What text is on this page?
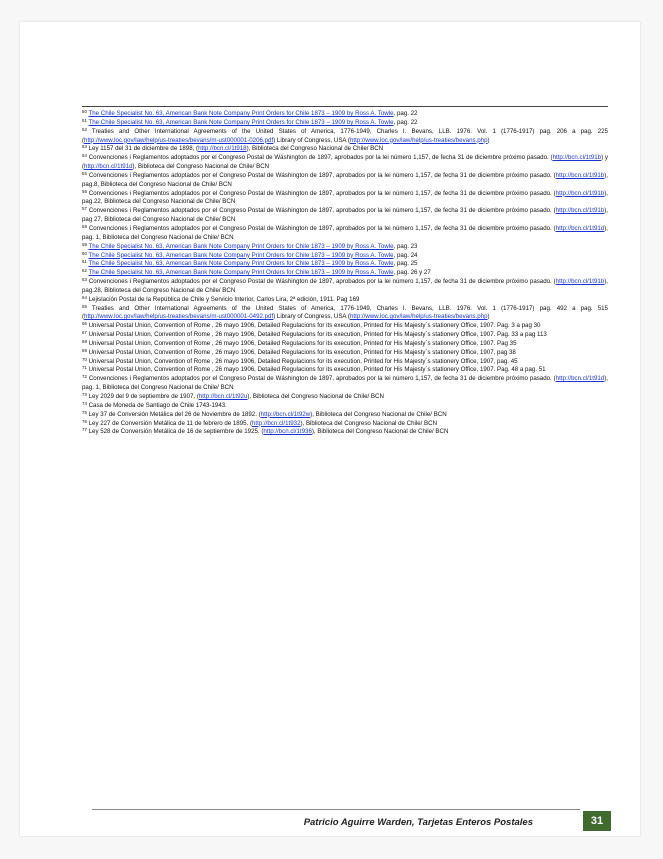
$^{50}$ The Chile Specialist No. 63, American Bank Note Company Print Orders for Chile 1873 – 1909 by Ross A. Towle, pag. 22
$^{51}$ The Chile Specialist No. 63, American Bank Note Company Print Orders for Chile 1873 – 1909 by Ross A. Towle, pag. 22
$^{52}$ Treaties and Other International Agreements of the United States of America, 1776-1949, Charles I. Bevans, LLB. 1976. Vol. 1 (1776-1917) pag. 206 a pag. 225 (http://www.loc.gov/law/help/us-treaties/bevans/m-ust000001-0206.pdf) Library of Congress, USA (http://www.loc.gov/law/help/us-treaties/bevans.php)
$^{53}$ Ley 1157 del 31 de diciembre de 1898, (http://bcn.cl/1t918), Biblioteca del Congreso Nacional de Chile/ BCN
$^{54}$ Convenciones i Reglamentos adoptados por el Congreso Postal de Wáshington de 1897, aprobados por la lei número 1,157, de fecha 31 de diciembre próximo pasado. (http://bcn.cl/1t91b) y (http://bcn.cl/1t91d), Biblioteca del Congreso Nacional de Chile/ BCN
$^{55}$ Convenciones i Reglamentos adoptados por el Congreso Postal de Wáshington de 1897, aprobados por la lei número 1,157, de fecha 31 de diciembre próximo pasado. (http://bcn.cl/1t91b), pag.8, Biblioteca del Congreso Nacional de Chile/ BCN
$^{56}$ Convenciones i Reglamentos adoptados por el Congreso Postal de Wáshington de 1897, aprobados por la lei número 1,157, de fecha 31 de diciembre próximo pasado. (http://bcn.cl/1t91b), pag.22, Biblioteca del Congreso Nacional de Chile/ BCN
$^{57}$ Convenciones i Reglamentos adoptados por el Congreso Postal de Wáshington de 1897, aprobados por la lei número 1,157, de fecha 31 de diciembre próximo pasado. (http://bcn.cl/1t91b), pag 27, Biblioteca del Congreso Nacional de Chile/ BCN
$^{58}$ Convenciones i Reglamentos adoptados por el Congreso Postal de Wáshington de 1897, aprobados por la lei número 1,157, de fecha 31 de diciembre próximo pasado. (http://bcn.cl/1t91d), pag. 1, Biblioteca del Congreso Nacional de Chile/ BCN
$^{59}$ The Chile Specialist No. 63, American Bank Note Company Print Orders for Chile 1873 – 1909 by Ross A. Towle, pag. 23
$^{60}$ The Chile Specialist No. 63, American Bank Note Company Print Orders for Chile 1873 – 1909 by Ross A. Towle, pag. 24
$^{61}$ The Chile Specialist No. 63, American Bank Note Company Print Orders for Chile 1873 – 1909 by Ross A. Towle, pag. 25
$^{62}$ The Chile Specialist No. 63, American Bank Note Company Print Orders for Chile 1873 – 1909 by Ross A. Towle, pag. 26 y 27
$^{63}$ Convenciones i Reglamentos adoptados por el Congreso Postal de Wáshington de 1897, aprobados por la lei número 1,157, de fecha 31 de diciembre próximo pasado. (http://bcn.cl/1t91b), pag.28, Biblioteca del Congreso Nacional de Chile/ BCN
$^{64}$ Lejislación Postal de la República de Chile y Servicio Interior, Carlos Lira, 2ª edición, 1911. Pag 169
$^{65}$ Treaties and Other International Agreements of the United States of America, 1776-1949, Charles I. Bevans, LLB. 1976. Vol. 1 (1776-1917) pag. 492 a pag. 515 (http://www.loc.gov/law/help/us-treaties/bevans/m-ust000001-0492.pdf) Library of Congress, USA (http://www.loc.gov/law/help/us-treaties/bevans.php)
$^{66}$ Universal Postal Union, Convention of Rome , 26 mayo 1906, Detailed Regulacions for its execution, Printed for His Majesty´s stationery Office, 1907. Pag. 3 a pag 30
$^{67}$ Universal Postal Union, Convention of Rome , 26 mayo 1906, Detailed Regulacions for its execution, Printed for His Majesty´s stationery Office, 1907. Pag. 33 a pag 113
$^{68}$ Universal Postal Union, Convention of Rome , 26 mayo 1906, Detailed Regulacions for its execution, Printed for His Majesty´s stationery Office, 1907. Pag 35
$^{69}$ Universal Postal Union, Convention of Rome , 26 mayo 1906, Detailed Regulacions for its execution, Printed for His Majesty´s stationery Office, 1907, pag 38
$^{70}$ Universal Postal Union, Convention of Rome , 26 mayo 1906, Detailed Regulacions for its execution, Printed for His Majesty´s stationery Office, 1907, pag. 45
$^{71}$ Universal Postal Union, Convention of Rome , 26 mayo 1906, Detailed Regulacions for its execution, Printed for His Majesty´s stationery Office, 1907. Pag. 48 a pag. 51
$^{72}$ Convenciones i Reglamentos adoptados por el Congreso Postal de Wáshington de 1897, aprobados por la lei número 1,157, de fecha 31 de diciembre próximo pasado. (http://bcn.cl/1t91d), pag. 1, Biblioteca del Congreso Nacional de Chile/ BCN
$^{73}$ Ley 2029 del 9 de septiembre de 1907, (http://bcn.cl/1t92u), Biblioteca del Congreso Nacional de Chile/ BCN
$^{74}$ Casa de Moneda de Santiago de Chile 1743-1943.
$^{75}$ Ley 37 de Conversión Metálica del 26 de Noviembre de 1892. (http://bcn.cl/1t92w), Biblioteca del Congreso Nacional de Chile/ BCN
$^{76}$ Ley 227 de Conversión Metálica de 11 de febrero de 1895. (http://bcn.cl/1t932), Biblioteca del Congreso Nacional de Chile/ BCN
$^{77}$ Ley 528 de Conversión Metálica de 16 de septiembre de 1925. (http://bcn.cl/1t936), Biblioteca del Congreso Nacional de Chile/ BCN
Patricio Aguirre Warden, Tarjetas Enteros Postales	31
